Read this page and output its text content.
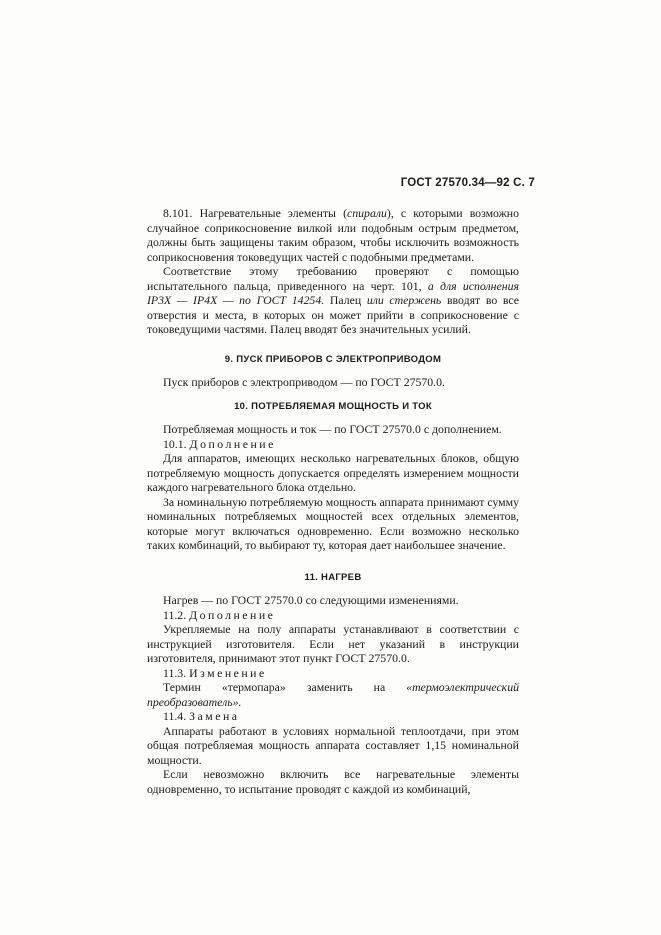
ГОСТ 27570.34—92 С. 7

8.101. Нагревательные элементы (спирали), с которыми возможно случайное соприкосновение вилкой или подобным острым предметом, должны быть защищены таким образом, чтобы исключить возможность соприкосновения токоведущих частей с подобными предметами.

Соответствие этому требованию проверяют с помощью испытательного пальца, приведенного на черт. 101, а для исполнения IP3X — IP4X — по ГОСТ 14254. Палец или стержень вводят во все отверстия и места, в которых он может прийти в соприкосновение с токоведущими частями. Палец вводят без значительных усилий.

9. ПУСК ПРИБОРОВ С ЭЛЕКТРОПРИВОДОМ

Пуск приборов с электроприводом — по ГОСТ 27570.0.

10. ПОТРЕБЛЯЕМАЯ МОЩНОСТЬ И ТОК

Потребляемая мощность и ток — по ГОСТ 27570.0 с дополнением.

10.1. Дополнение

Для аппаратов, имеющих несколько нагревательных блоков, общую потребляемую мощность допускается определять измерением мощности каждого нагревательного блока отдельно.

За номинальную потребляемую мощность аппарата принимают сумму номинальных потребляемых мощностей всех отдельных элементов, которые могут включаться одновременно. Если возможно несколько таких комбинаций, то выбирают ту, которая дает наибольшее значение.

11. НАГРЕВ

Нагрев — по ГОСТ 27570.0 со следующими изменениями.

11.2. Дополнение

Укрепляемые на полу аппараты устанавливают в соответствии с инструкцией изготовителя. Если нет указаний в инструкции изготовителя, принимают этот пункт ГОСТ 27570.0.

11.3. Изменение

Термин «термопара» заменить на «термоэлектрический преобразователь».

11.4. Замена

Аппараты работают в условиях нормальной теплоотдачи, при этом общая потребляемая мощность аппарата составляет 1,15 номинальной мощности.

Если невозможно включить все нагревательные элементы одновременно, то испытание проводят с каждой из комбинаций,
